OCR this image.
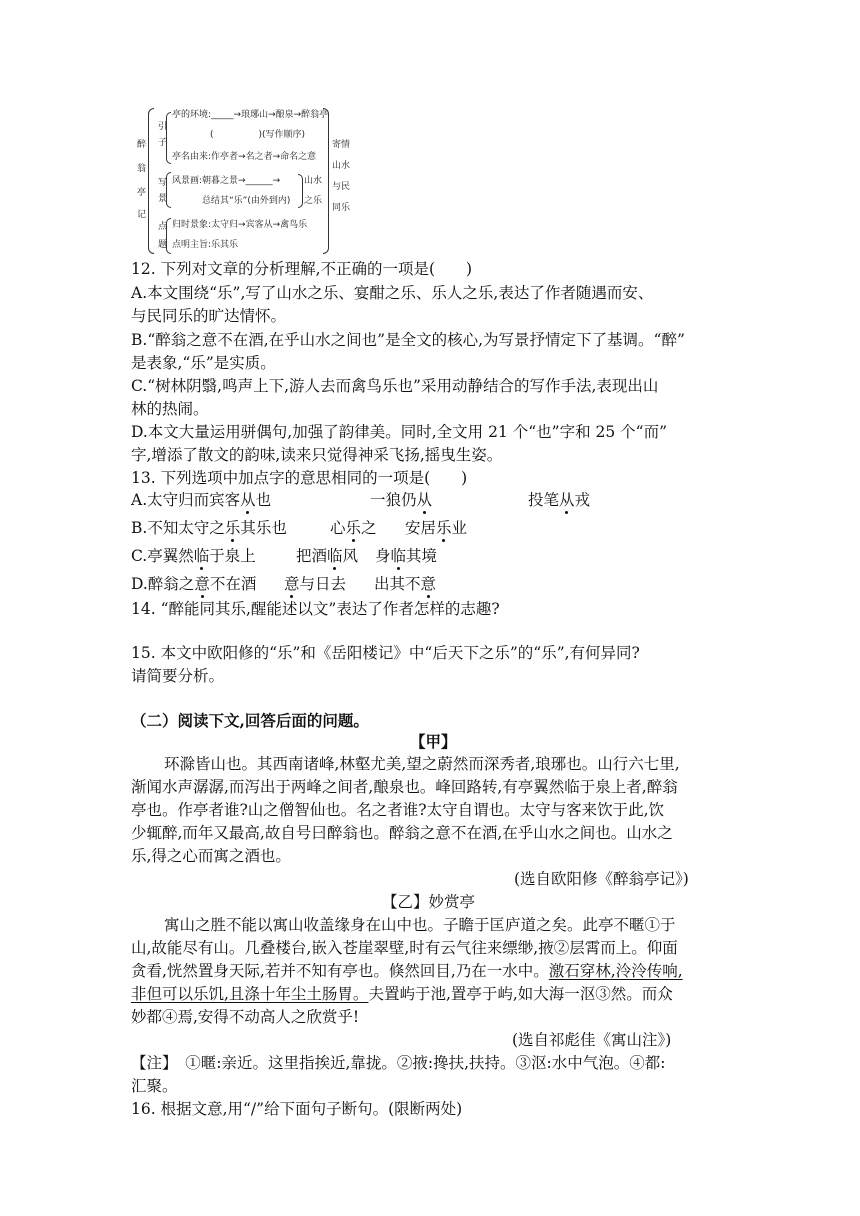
醉
翁
亭
记
引
子
亭的环境:_____→琅琊山→酿泉→醉翁亭
(　　　　　)(写作顺序)
亭名由来:作亭者→名之者→命名之意
写
景
风景画:朝暮之景→______→
总结其“乐”(由外到内)
山水
之乐
点
题
归时景象:太守归→宾客从→禽鸟乐
点明主旨:乐其乐
寄情
山水
与民
同乐
12. 下列对文章的分析理解,不正确的一项是(　　)
A.本文围绕“乐”,写了山水之乐、宴酣之乐、乐人之乐,表达了作者随遇而安、
与民同乐的旷达情怀。
B.“醉翁之意不在酒,在乎山水之间也”是全文的核心,为写景抒情定下了基调。“醉”
是表象,“乐”是实质。
C.“树林阴翳,鸣声上下,游人去而禽鸟乐也”采用动静结合的写作手法,表现出山
林的热闹。
D.本文大量运用骈偶句,加强了韵律美。同时,全文用 21 个“也”字和 25 个“而”
字,增添了散文的韵味,读来只觉得神采飞扬,摇曳生姿。
13. 下列选项中加点字的意思相同的一项是(　　)
A.太守归而宾客从也	一狼仍从	投笔从戎
B.不知太守之乐其乐也	心乐之 安居乐业
C.亭翼然临于泉上	把酒临风 身临其境
D.醉翁之意不在酒 意与日去 出其不意
14. “醉能同其乐,醒能述以文”表达了作者怎样的志趣?
15. 本文中欧阳修的“乐”和《岳阳楼记》中“后天下之乐”的“乐”,有何异同?
请简要分析。
（二）阅读下文,回答后面的问题。
【甲】
环滁皆山也。其西南诸峰,林壑尤美,望之蔚然而深秀者,琅琊也。山行六七里,
渐闻水声潺潺,而泻出于两峰之间者,酿泉也。峰回路转,有亭翼然临于泉上者,醉翁
亭也。作亭者谁?山之僧智仙也。名之者谁?太守自谓也。太守与客来饮于此,饮
少辄醉,而年又最高,故自号曰醉翁也。醉翁之意不在酒,在乎山水之间也。山水之
乐,得之心而寓之酒也。
(选自欧阳修《醉翁亭记》)
【乙】妙赏亭
寓山之胜不能以寓山收盖缘身在山中也。子瞻于匡庐道之矣。此亭不暱①于
山,故能尽有山。几叠楼台,嵌入苍崖翠壁,时有云气往来缥缈,掖②层霄而上。仰面
贪看,恍然置身天际,若并不知有亭也。倏然回目,乃在一水中。激石穿林,泠泠传响,
非但可以乐饥,且涤十年尘土肠胃。夫置屿于池,置亭于屿,如大海一沤③然。而众
妙都④焉,安得不动高人之欣赏乎!
(选自祁彪佳《寓山注》)
【注】　①暱:亲近。这里指挨近,靠拢。②掖:搀扶,扶持。③沤:水中气泡。④都:
汇聚。
16. 根据文意,用“/”给下面句子断句。(限断两处)
